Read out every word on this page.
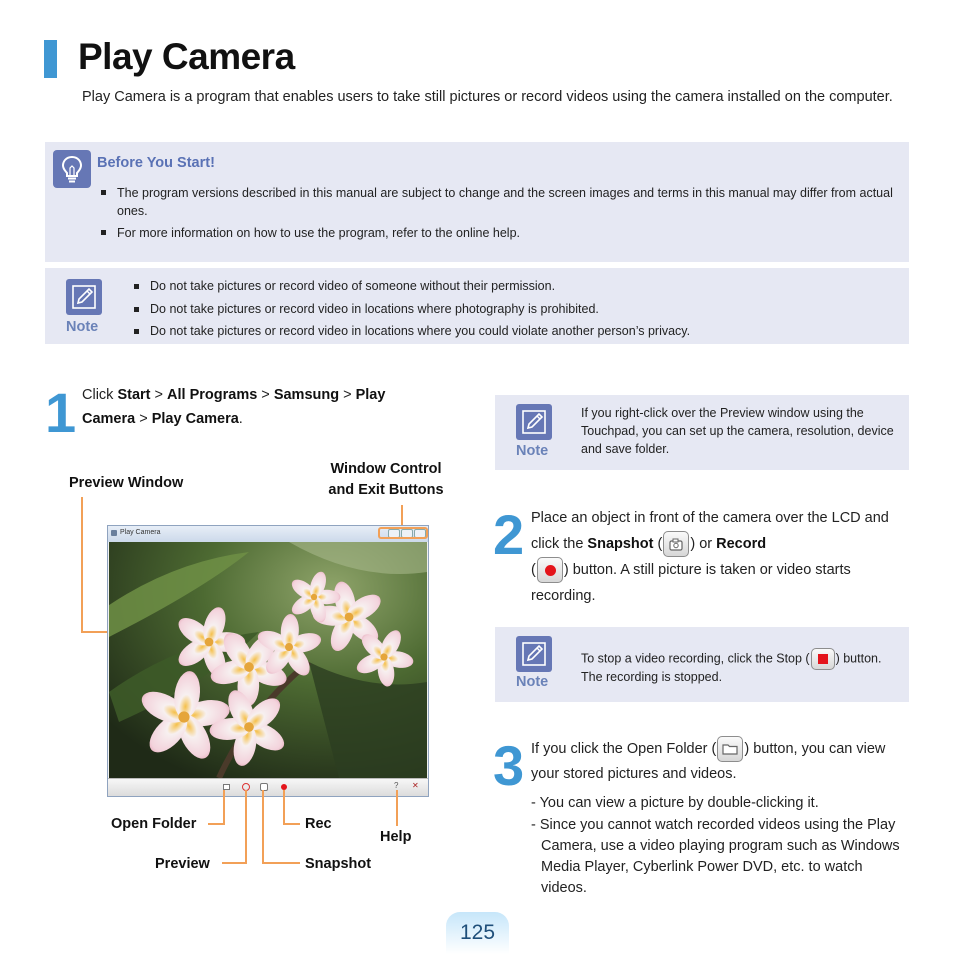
Play Camera
Play Camera is a program that enables users to take still pictures or record videos using the camera installed on the computer.
Before You Start!
The program versions described in this manual are subject to change and the screen images and terms in this manual may differ from actual ones.
For more information on how to use the program, refer to the online help.
Note
Do not take pictures or record video of someone without their permission.
Do not take pictures or record video in locations where photography is prohibited.
Do not take pictures or record video in locations where you could violate another person’s privacy.
1 Click Start > All Programs > Samsung > Play Camera > Play Camera.
Note
If you right-click over the Preview window using the Touchpad, you can set up the camera, resolution, device and save folder.
Preview Window
Window Control and Exit Buttons
Play Camera
? ✕
Open Folder	Rec
Help
Preview	Snapshot
2 Place an object in front of the camera over the LCD and click the Snapshot ( ) or Record
( ) button. A still picture is taken or video starts recording.
Note
To stop a video recording, click the Stop ( ) button. The recording is stopped.
3 If you click the Open Folder ( ) button, you can view your stored pictures and videos.
- You can view a picture by double-clicking it.
- Since you cannot watch recorded videos using the Play Camera, use a video playing program such as Windows Media Player, Cyberlink Power DVD, etc. to watch videos.
125
